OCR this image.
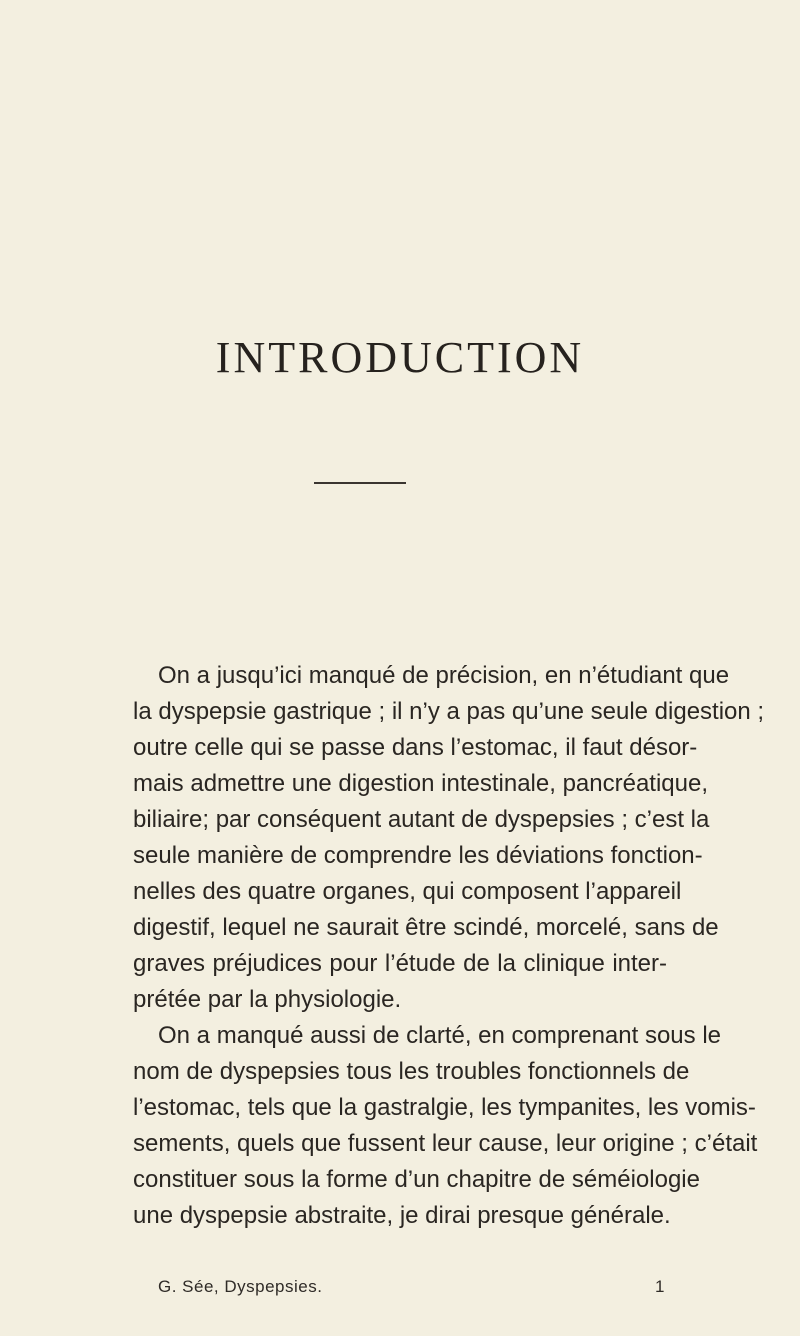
INTRODUCTION
On a jusqu’ici manqué de précision, en n’étudiant que
la dyspepsie gastrique ; il n’y a pas qu’une seule digestion ;
outre celle qui se passe dans l’estomac, il faut désor-
mais admettre une digestion intestinale, pancréatique,
biliaire; par conséquent autant de dyspepsies ; c’est la
seule manière de comprendre les déviations fonction-
nelles des quatre organes, qui composent l’appareil
digestif, lequel ne saurait être scindé, morcelé, sans de
graves préjudices pour l’étude de la clinique inter-
prétée par la physiologie.
On a manqué aussi de clarté, en comprenant sous le
nom de dyspepsies tous les troubles fonctionnels de
l’estomac, tels que la gastralgie, les tympanites, les vomis-
sements, quels que fussent leur cause, leur origine ; c’était
constituer sous la forme d’un chapitre de séméiologie
une dyspepsie abstraite, je dirai presque générale.
G. Sée, Dyspepsies.	1
